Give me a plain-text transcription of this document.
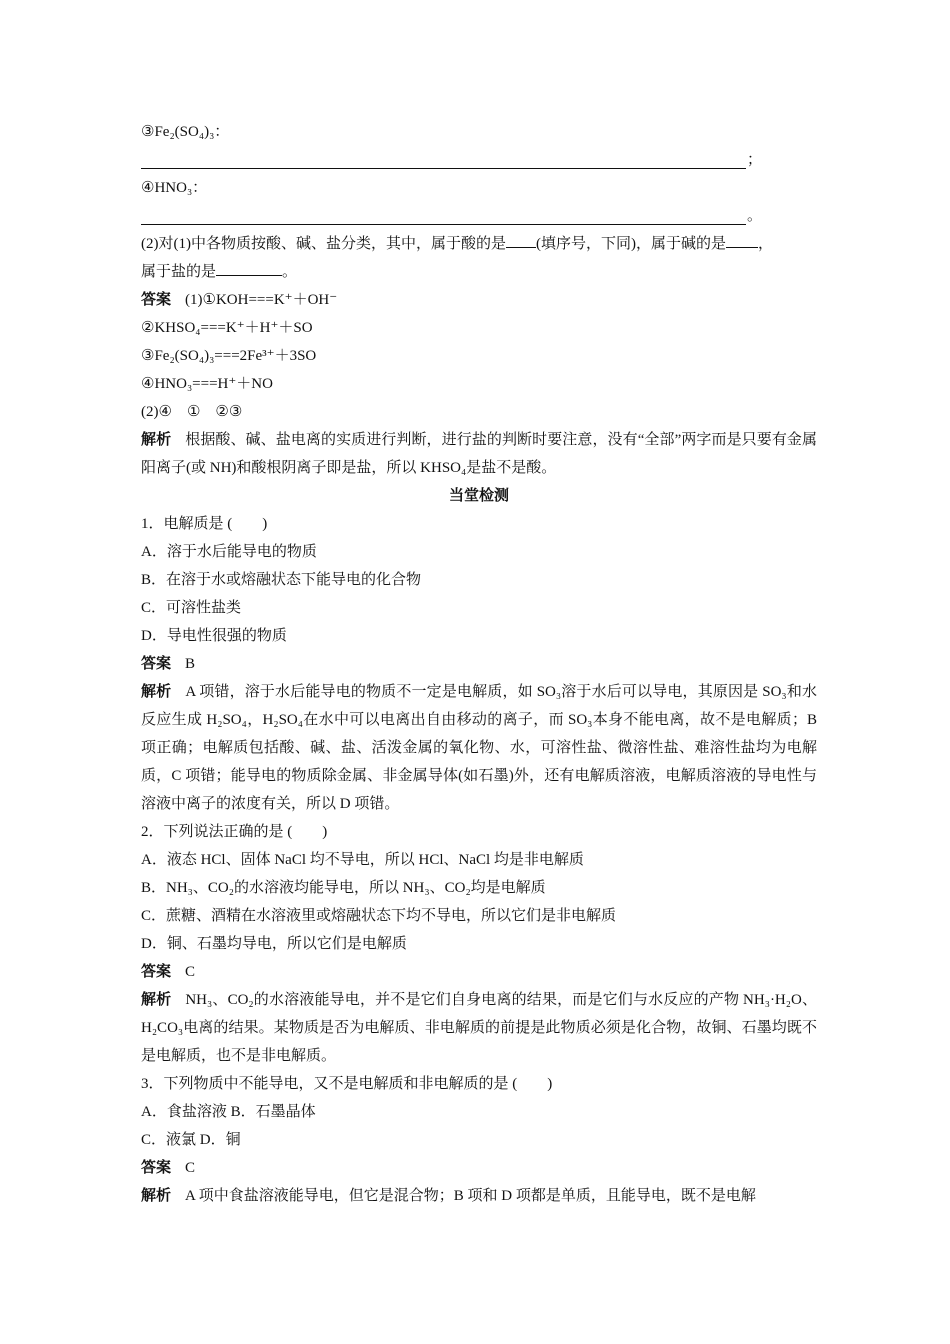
③Fe₂(SO₄)₃：
；
④HNO₃：
。
(2)对(1)中各物质按酸、碱、盐分类，其中，属于酸的是 (填序号，下同)，属于碱的是 ，
属于盐的是	。
答案 (1)①KOH===K⁺＋OH⁻
②KHSO₄===K⁺＋H⁺＋SO
③Fe₂(SO₄)₃===2Fe³⁺＋3SO
④HNO₃===H⁺＋NO
(2)④　①　②③
解析 根据酸、碱、盐电离的实质进行判断，进行盐的判断时要注意，没有“全部”两字而是只要有金属阳离子(或 NH)和酸根阴离子即是盐，所以 KHSO₄是盐不是酸。
当堂检测
1．电解质是 (　　)
A．溶于水后能导电的物质
B．在溶于水或熔融状态下能导电的化合物
C．可溶性盐类
D．导电性很强的物质
答案 B
解析 A 项错，溶于水后能导电的物质不一定是电解质，如 SO₃溶于水后可以导电，其原因是 SO₃和水反应生成 H₂SO₄，H₂SO₄在水中可以电离出自由移动的离子，而 SO₃本身不能电离，故不是电解质；B 项正确；电解质包括酸、碱、盐、活泼金属的氧化物、水，可溶性盐、微溶性盐、难溶性盐均为电解质，C 项错；能导电的物质除金属、非金属导体(如石墨)外，还有电解质溶液，电解质溶液的导电性与溶液中离子的浓度有关，所以 D 项错。
2．下列说法正确的是 (　　)
A．液态 HCl、固体 NaCl 均不导电，所以 HCl、NaCl 均是非电解质
B．NH₃、CO₂的水溶液均能导电，所以 NH₃、CO₂均是电解质
C．蔗糖、酒精在水溶液里或熔融状态下均不导电，所以它们是非电解质
D．铜、石墨均导电，所以它们是电解质
答案 C
解析 NH₃、CO₂的水溶液能导电，并不是它们自身电离的结果，而是它们与水反应的产物 NH₃·H₂O、H₂CO₃电离的结果。某物质是否为电解质、非电解质的前提是此物质必须是化合物，故铜、石墨均既不是电解质，也不是非电解质。
3．下列物质中不能导电，又不是电解质和非电解质的是 (　　)
A．食盐溶液 B．石墨晶体
C．液氯 D．铜
答案 C
解析 A 项中食盐溶液能导电，但它是混合物；B 项和 D 项都是单质，且能导电，既不是电解
